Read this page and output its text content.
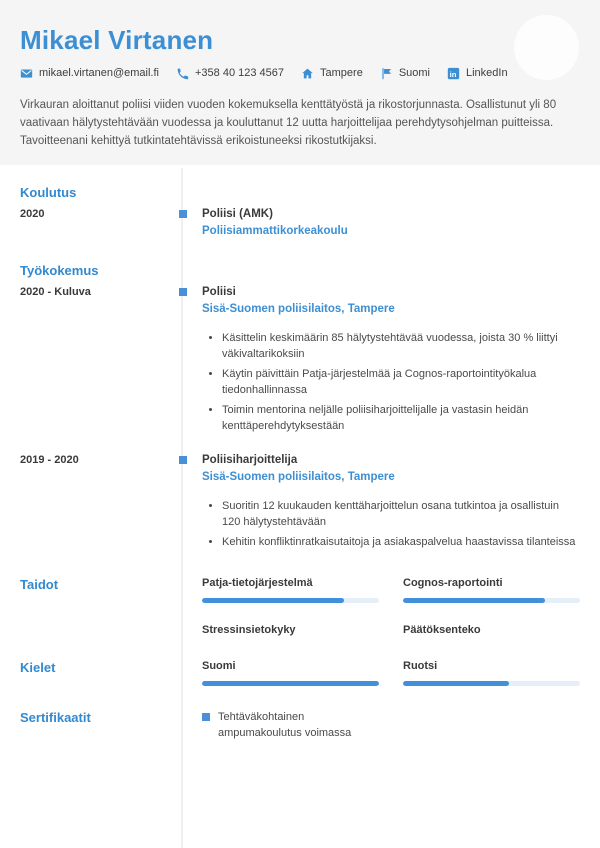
Mikael Virtanen
mikael.virtanen@email.fi	+358 40 123 4567	Tampere	Suomi in LinkedIn

Virkauran aloittanut poliisi viiden vuoden kokemuksella kenttätyöstä ja rikostorjunnasta. Osallistunut yli 80 vaativaan hälytystehtävään vuodessa ja kouluttanut 12 uutta harjoittelijaa perehdytysohjelman puitteissa. Tavoitteenani kehittyä tutkintatehtävissä erikoistuneeksi rikostutkijaksi.

Koulutus
2020	Poliisi (AMK)
Poliisiammattikorkeakoulu
Työkokemus
2020 - Kuluva	Poliisi
Sisä-Suomen poliisilaitos, Tampere
• Käsittelin keskimäärin 85 hälytystehtävää vuodessa, joista 30 % liittyi väkivaltarikoksiin
• Käytin päivittäin Patja-järjestelmää ja Cognos-raportointityökalua tiedonhallinnassa
• Toimin mentorina neljälle poliisiharjoittelijalle ja vastasin heidän kenttäperehdytyksestään
2019 - 2020	Poliisiharjoittelija
Sisä-Suomen poliisilaitos, Tampere
• Suoritin 12 kuukauden kenttäharjoittelun osana tutkintoa ja osallistuin 120 hälytystehtävään
• Kehitin konfliktinratkaisutaitoja ja asiakaspalvelua haastavissa tilanteissa
Taidot	Patja-tietojärjestelmä	Cognos-raportointi
Stressinsietokyky	Päätöksenteko
Kielet	Suomi	Ruotsi
Sertifikaatit	Tehtäväkohtainen ampumakoulutus voimassa
